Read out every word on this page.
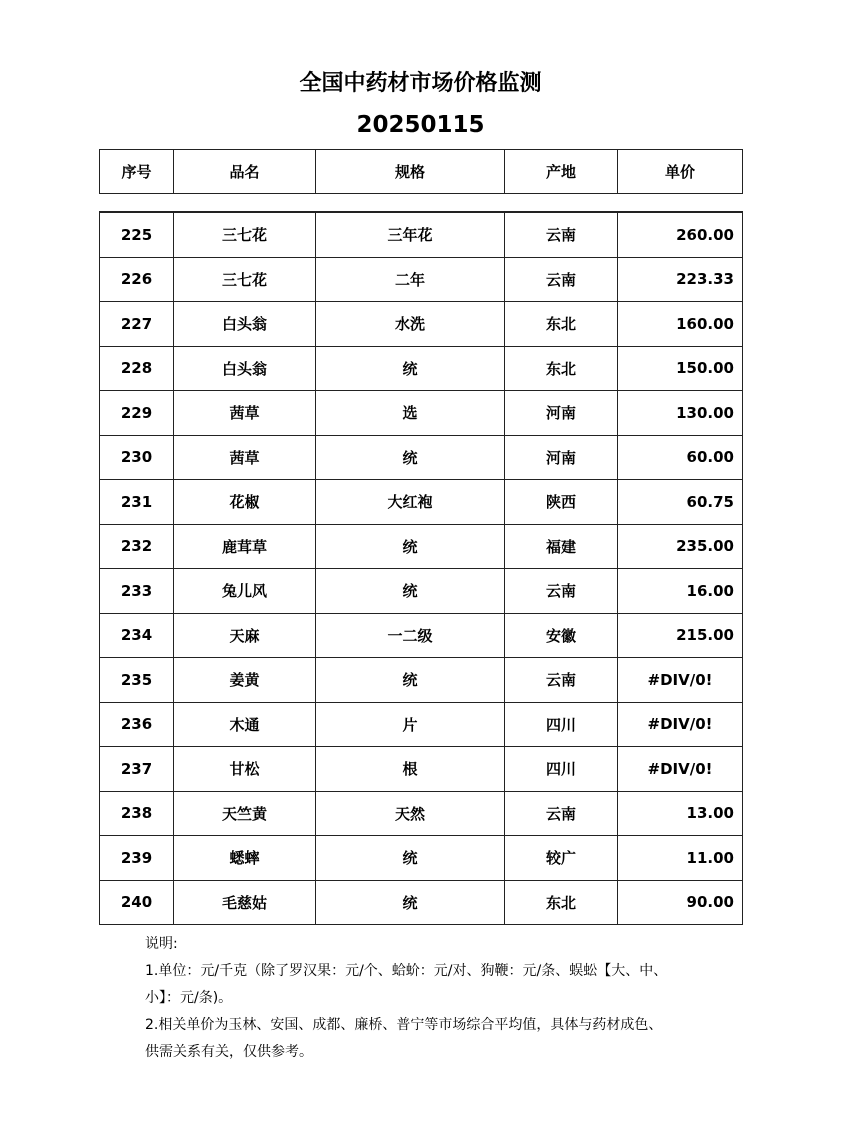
全国中药材市场价格监测
20250115
序号	品名	规格	产地	单价
225	三七花	三年花	云南	260.00
226	三七花	二年	云南	223.33
227	白头翁	水洗	东北	160.00
228	白头翁	统	东北	150.00
229	茜草	选	河南	130.00
230	茜草	统	河南	60.00
231	花椒	大红袍	陕西	60.75
232	鹿茸草	统	福建	235.00
233	兔儿风	统	云南	16.00
234	天麻	一二级	安徽	215.00
235	姜黄	统	云南	#DIV/0!
236	木通	片	四川	#DIV/0!
237	甘松	根	四川	#DIV/0!
238	天竺黄	天然	云南	13.00
239	蟋蟀	统	较广	11.00
240	毛慈姑	统	东北	90.00
说明:
1.单位：元/千克（除了罗汉果：元/个、蛤蚧：元/对、狗鞭：元/条、蜈蚣【大、中、
小】：元/条)。
2.相关单价为玉林、安国、成都、廉桥、普宁等市场综合平均值，具体与药材成色、
供需关系有关，仅供参考。
